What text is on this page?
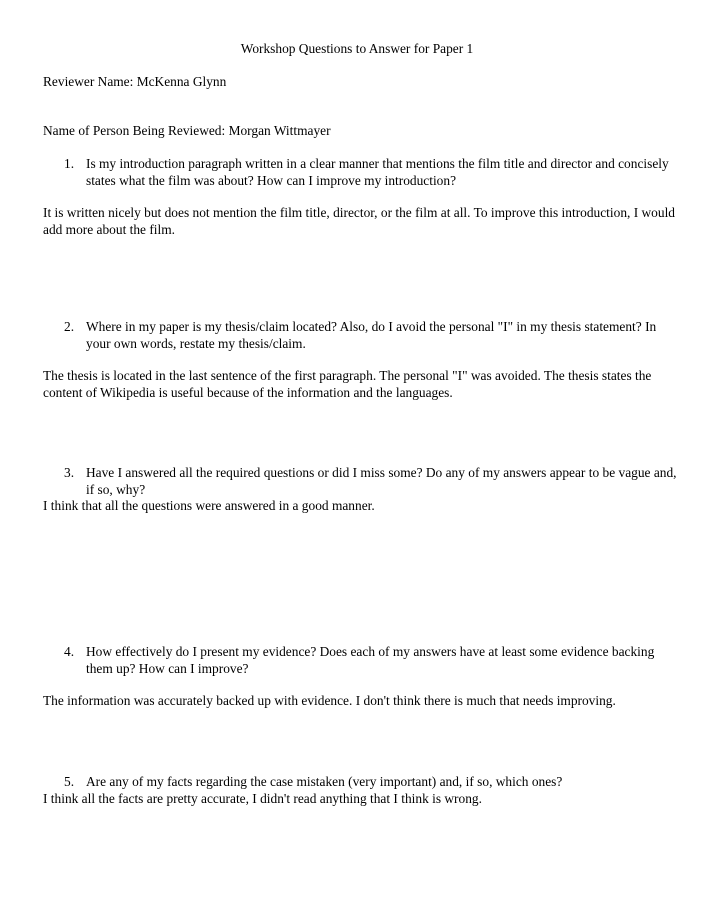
Workshop Questions to Answer for Paper 1
Reviewer Name: McKenna Glynn
Name of Person Being Reviewed: Morgan Wittmayer
1. Is my introduction paragraph written in a clear manner that mentions the film title and director and concisely states what the film was about? How can I improve my introduction?
It is written nicely but does not mention the film title, director, or the film at all. To improve this introduction, I would add more about the film.
2. Where in my paper is my thesis/claim located? Also, do I avoid the personal "I" in my thesis statement? In your own words, restate my thesis/claim.
The thesis is located in the last sentence of the first paragraph. The personal "I" was avoided. The thesis states the content of Wikipedia is useful because of the information and the languages.
3. Have I answered all the required questions or did I miss some? Do any of my answers appear to be vague and, if so, why?
I think that all the questions were answered in a good manner.
4. How effectively do I present my evidence? Does each of my answers have at least some evidence backing them up? How can I improve?
The information was accurately backed up with evidence. I don't think there is much that needs improving.
5. Are any of my facts regarding the case mistaken (very important) and, if so, which ones?
I think all the facts are pretty accurate, I didn't read anything that I think is wrong.
